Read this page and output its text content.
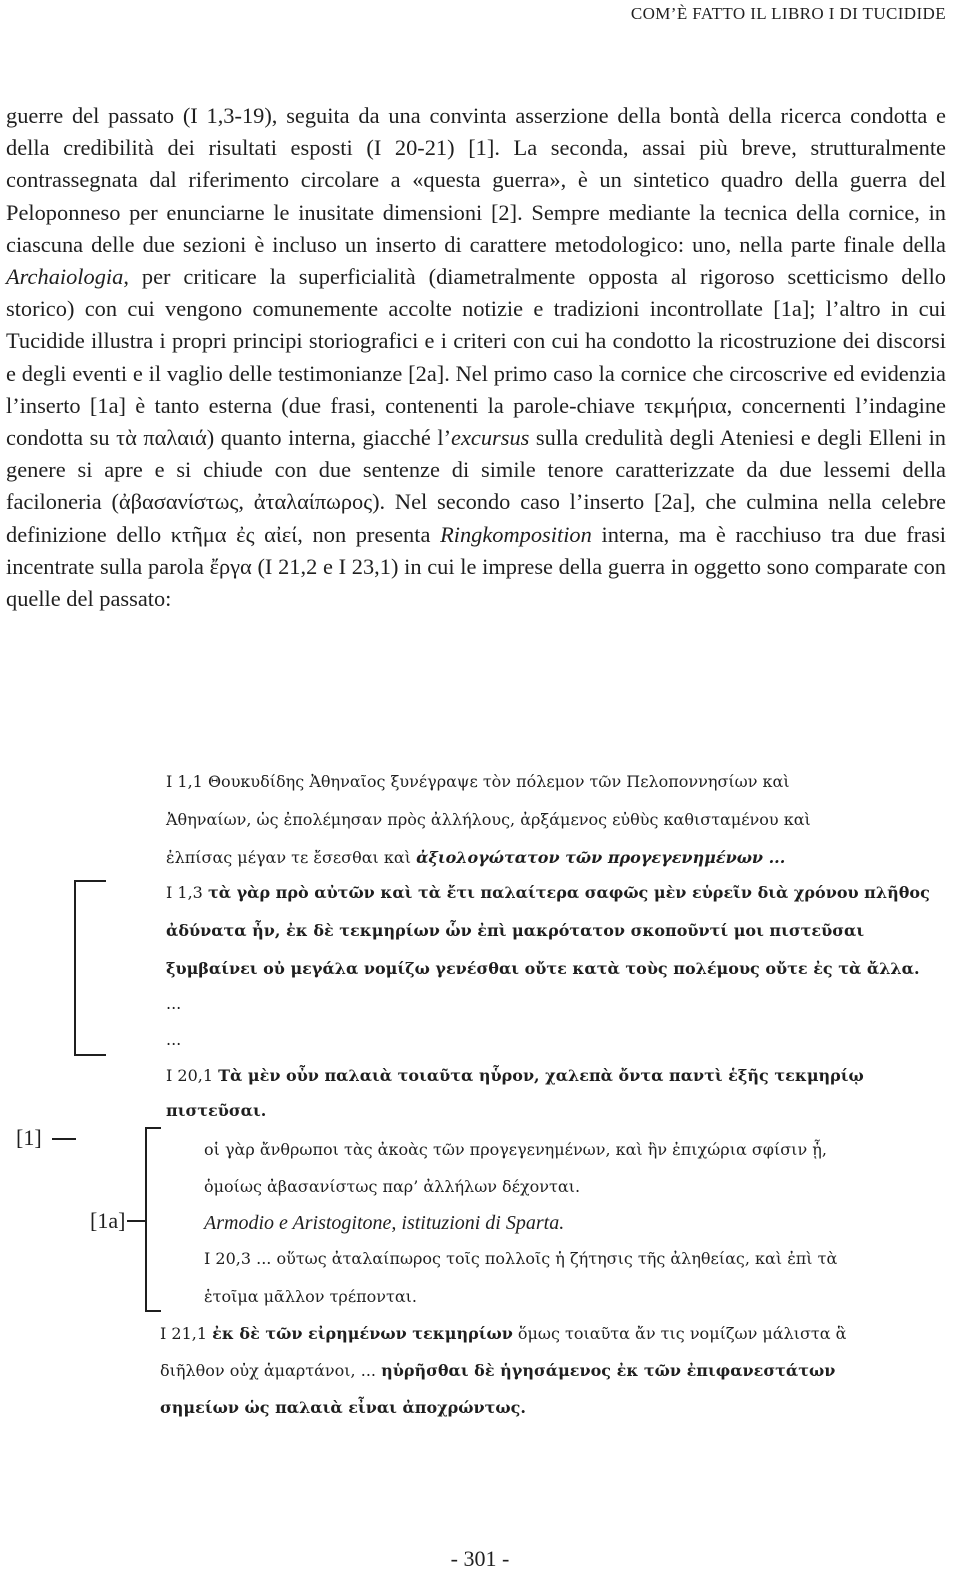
COM’È FATTO IL LIBRO I DI TUCIDIDE

guerre del passato (I 1,3-19), seguita da una convinta asserzione della bontà della ricerca condotta e della credibilità dei risultati esposti (I 20-21) [1]. La seconda, assai più breve, strutturalmente contrassegnata dal riferimento circolare a «questa guerra», è un sintetico quadro della guerra del Peloponneso per enunciarne le inusitate dimensioni [2]. Sempre mediante la tecnica della cornice, in ciascuna delle due sezioni è incluso un inserto di carattere metodologico: uno, nella parte finale della Archaiologia, per criticare la superficialità (diametralmente opposta al rigoroso scetticismo dello storico) con cui vengono comunemente accolte notizie e tradizioni incontrollate [1a]; l’altro in cui Tucidide illustra i propri principi storiografici e i criteri con cui ha condotto la ricostruzione dei discorsi e degli eventi e il vaglio delle testimonianze [2a]. Nel primo caso la cornice che circoscrive ed evidenzia l’inserto [1a] è tanto esterna (due frasi, contenenti la parole-chiave τεκμήρια, concernenti l’indagine condotta su τὰ παλαιά) quanto interna, giacché l’excursus sulla credulità degli Ateniesi e degli Elleni in genere si apre e si chiude con due sentenze di simile tenore caratterizzate da due lessemi della faciloneria (ἀβασανίστως, ἀταλαίπωρος). Nel secondo caso l’inserto [2a], che culmina nella celebre definizione dello κτῆμα ἐς αἰεί, non presenta Ringkomposition interna, ma è racchiuso tra due frasi incentrate sulla parola ἔργα (I 21,2 e I 23,1) in cui le imprese della guerra in oggetto sono comparate con quelle del passato:

I 1,1 Θουκυδίδης Ἀθηναῖος ξυνέγραψε τὸν πόλεμον τῶν Πελοποννησίων καὶ
Ἀθηναίων, ὡς ἐπολέμησαν πρὸς ἀλλήλους, ἀρξάμενος εὐθὺς καθισταμένου καὶ
ἐλπίσας μέγαν τε ἔσεσθαι καὶ ἀξιολογώτατον τῶν προγεγενημένων ...
I 1,3 τὰ γὰρ πρὸ αὐτῶν καὶ τὰ ἔτι παλαίτερα σαφῶς μὲν εὑρεῖν διὰ χρόνου πλῆθος
ἀδύνατα ἦν, ἐκ δὲ τεκμηρίων ὧν ἐπὶ μακρότατον σκοποῦντί μοι πιστεῦσαι
ξυμβαίνει οὐ μεγάλα νομίζω γενέσθαι οὔτε κατὰ τοὺς πολέμους οὔτε ἐς τὰ ἄλλα.
...
...
I 20,1 Τὰ μὲν οὖν παλαιὰ τοιαῦτα ηὗρον, χαλεπὰ ὄντα παντὶ ἑξῆς τεκμηρίῳ
πιστεῦσαι.
οἱ γὰρ ἄνθρωποι τὰς ἀκοὰς τῶν προγεγενημένων, καὶ ἢν ἐπιχώρια σφίσιν ᾖ,
ὁμοίως ἀβασανίστως παρ’ ἀλλήλων δέχονται.
Armodio e Aristogitone, istituzioni di Sparta.
I 20,3 ... οὕτως ἀταλαίπωρος τοῖς πολλοῖς ἡ ζήτησις τῆς ἀληθείας, καὶ ἐπὶ τὰ
ἑτοῖμα μᾶλλον τρέπονται.
I 21,1 ἐκ δὲ τῶν εἰρημένων τεκμηρίων ὅμως τοιαῦτα ἄν τις νομίζων μάλιστα ἃ
διῆλθον οὐχ ἁμαρτάνοι, ... ηὑρῆσθαι δὲ ἡγησάμενος ἐκ τῶν ἐπιφανεστάτων
σημείων ὡς παλαιὰ εἶναι ἀποχρώντως.
[1]
[1a]
- 301 -
